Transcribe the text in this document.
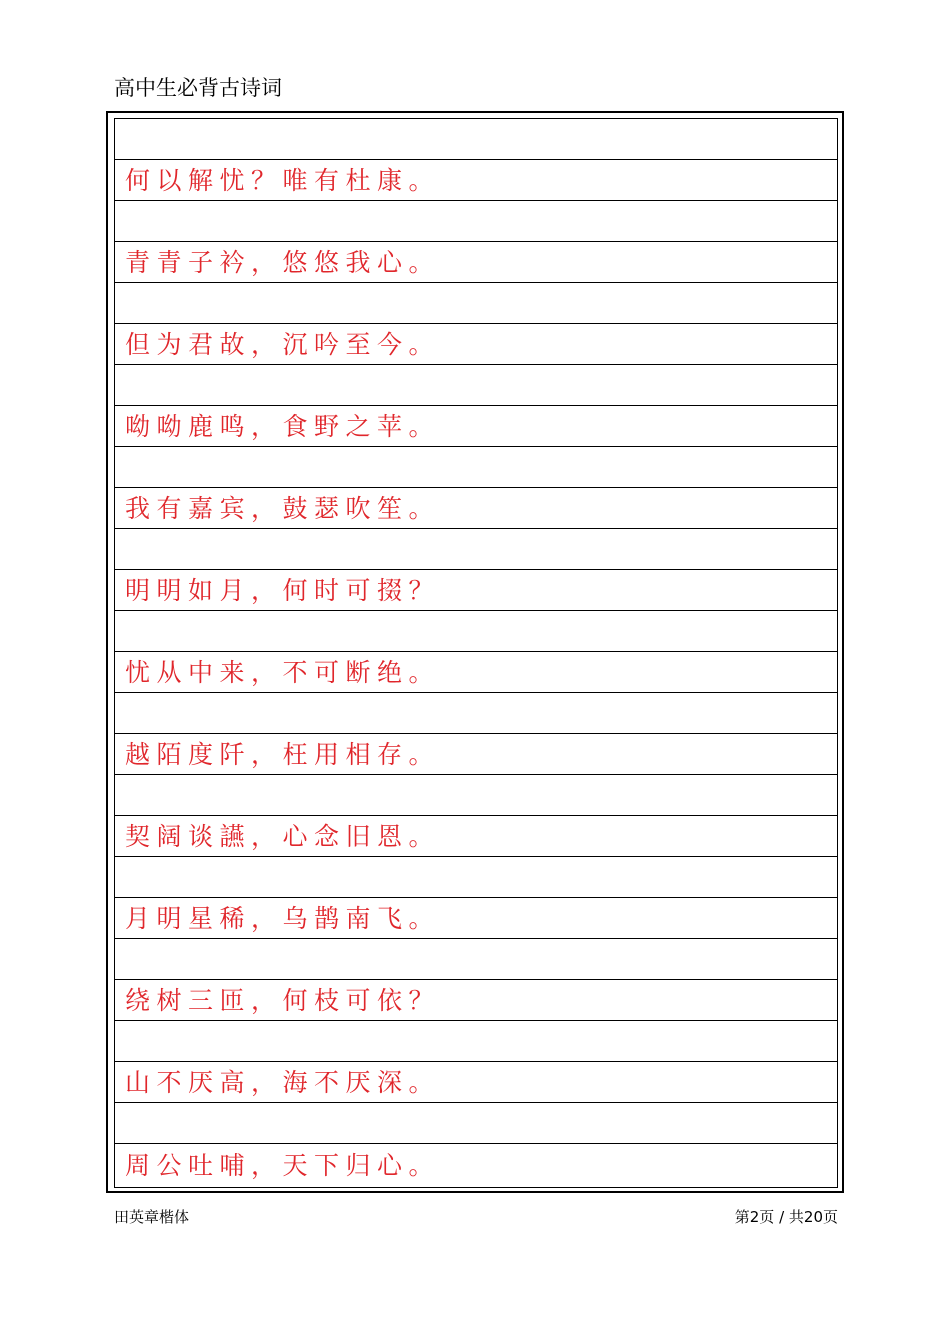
高中生必背古诗词
何以解忧？唯有杜康。
青青子衿，悠悠我心。
但为君故，沉吟至今。
呦呦鹿鸣，食野之苹。
我有嘉宾，鼓瑟吹笙。
明明如月，何时可掇？
忧从中来，不可断绝。
越陌度阡，枉用相存。
契阔谈讌，心念旧恩。
月明星稀，乌鹊南飞。
绕树三匝，何枝可依？
山不厌高，海不厌深。
周公吐哺，天下归心。
田英章楷体	第2页 / 共20页
